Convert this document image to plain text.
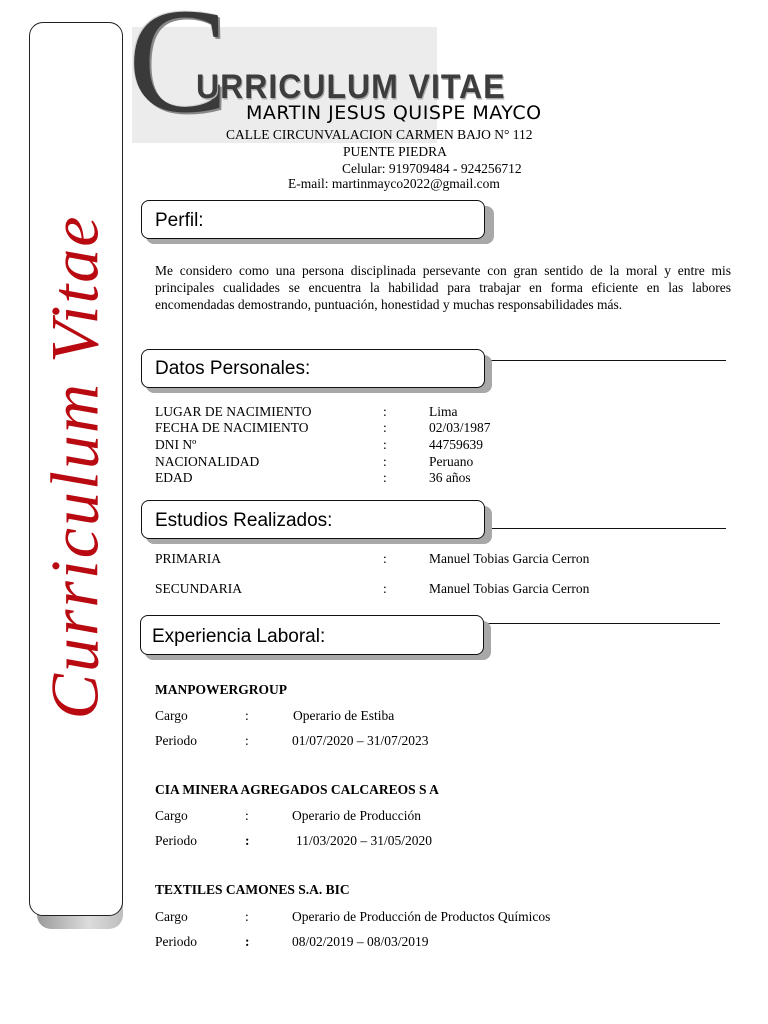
Curriculum Vitae
C
URRICULUM VITAE
MARTIN JESUS QUISPE MAYCO
CALLE CIRCUNVALACION CARMEN BAJO N° 112
PUENTE PIEDRA
Celular: 919709484 - 924256712
E-mail: martinmayco2022@gmail.com
Perfil:
Me considero como una persona disciplinada persevante con gran sentido de la moral y entre mis principales cualidades se encuentra la habilidad para trabajar en forma eficiente en las labores encomendadas demostrando, puntuación, honestidad y muchas responsabilidades más.
Datos Personales:
LUGAR DE NACIMIENTO	:	Lima
FECHA DE NACIMIENTO	:	02/03/1987
DNI Nº	:	44759639
NACIONALIDAD	:	Peruano
EDAD	:	36 años
Estudios Realizados:
PRIMARIA	:	Manuel Tobias Garcia Cerron
SECUNDARIA	:	Manuel Tobias Garcia Cerron
Experiencia Laboral:
MANPOWERGROUP
Cargo	:	Operario de Estiba
Periodo	:	01/07/2020 – 31/07/2023
CIA MINERA AGREGADOS CALCAREOS S A
Cargo	:	Operario de Producción
Periodo	:	11/03/2020 – 31/05/2020
TEXTILES CAMONES S.A. BIC
Cargo	:	Operario de Producción de Productos Químicos
Periodo	:	08/02/2019 – 08/03/2019
